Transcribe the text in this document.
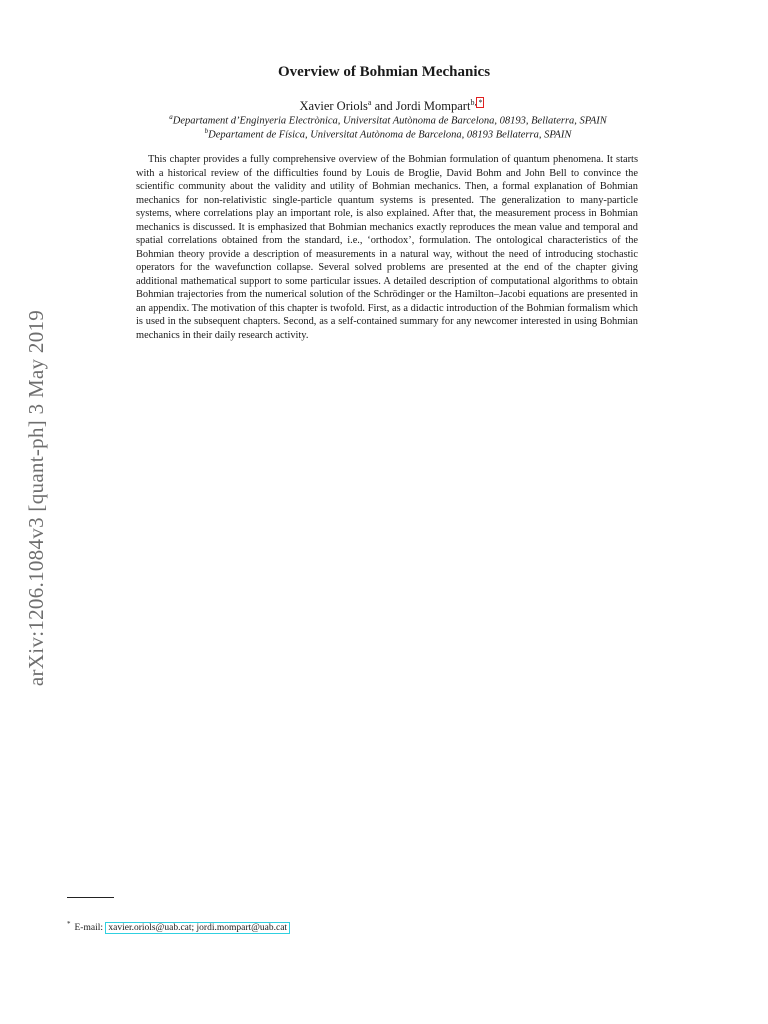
arXiv:1206.1084v3 [quant-ph] 3 May 2019
Overview of Bohmian Mechanics
Xavier Oriols$^a$ and Jordi Mompart$^{b,}$ *
$^a$Departament d’Enginyeria Electrònica, Universitat Autònoma de Barcelona, 08193, Bellaterra, SPAIN
$^b$Departament de Física, Universitat Autònoma de Barcelona, 08193 Bellaterra, SPAIN

This chapter provides a fully comprehensive overview of the Bohmian formulation of quantum phenomena. It starts with a historical review of the difficulties found by Louis de Broglie, David Bohm and John Bell to convince the scientific community about the validity and utility of Bohmian mechanics. Then, a formal explanation of Bohmian mechanics for non-relativistic single-particle quantum systems is presented. The generalization to many-particle systems, where correlations play an important role, is also explained. After that, the measurement process in Bohmian mechanics is discussed. It is emphasized that Bohmian mechanics exactly reproduces the mean value and temporal and spatial correlations obtained from the standard, i.e., ‘orthodox’, formulation. The ontological characteristics of the Bohmian theory provide a description of measurements in a natural way, without the need of introducing stochastic operators for the wavefunction collapse. Several solved problems are presented at the end of the chapter giving additional mathematical support to some particular issues. A detailed description of computational algorithms to obtain Bohmian trajectories from the numerical solution of the Schrödinger or the Hamilton–Jacobi equations are presented in an appendix. The motivation of this chapter is twofold. First, as a didactic introduction of the Bohmian formalism which is used in the subsequent chapters. Second, as a self-contained summary for any newcomer interested in using Bohmian mechanics in their daily research activity.

* E-mail: xavier.oriols@uab.cat; jordi.mompart@uab.cat
